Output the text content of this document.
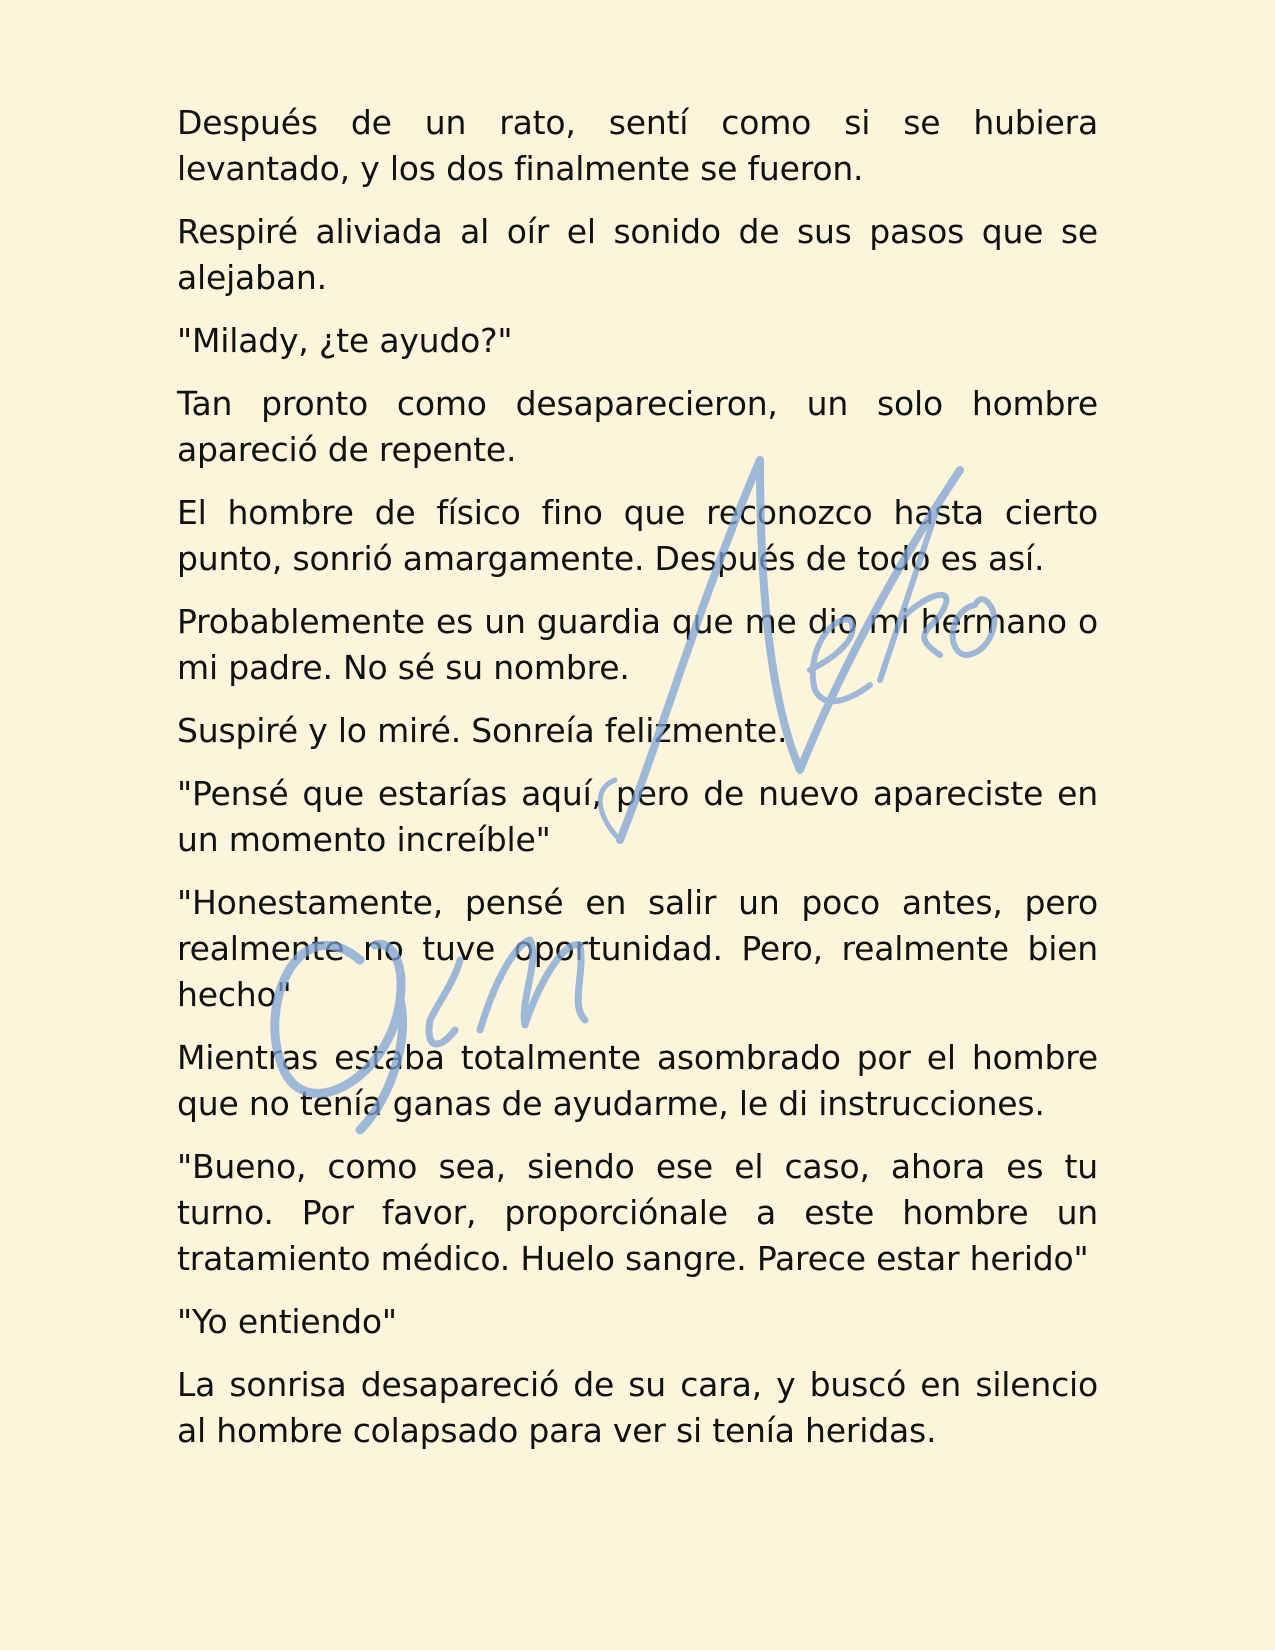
Después de un rato, sentí como si se hubiera levantado, y los dos finalmente se fueron.

Respiré aliviada al oír el sonido de sus pasos que se alejaban.

"Milady, ¿te ayudo?"

Tan pronto como desaparecieron, un solo hombre apareció de repente.

El hombre de físico fino que reconozco hasta cierto punto, sonrió amargamente. Después de todo es así.

Probablemente es un guardia que me dio mi hermano o mi padre. No sé su nombre.

Suspiré y lo miré. Sonreía felizmente.

"Pensé que estarías aquí, pero de nuevo apareciste en un momento increíble"

"Honestamente, pensé en salir un poco antes, pero realmente no tuve oportunidad. Pero, realmente bien hecho"

Mientras estaba totalmente asombrado por el hombre que no tenía ganas de ayudarme, le di instrucciones.

"Bueno, como sea, siendo ese el caso, ahora es tu turno. Por favor, proporciónale a este hombre un tratamiento médico. Huelo sangre. Parece estar herido"

"Yo entiendo"

La sonrisa desapareció de su cara, y buscó en silencio al hombre colapsado para ver si tenía heridas.
